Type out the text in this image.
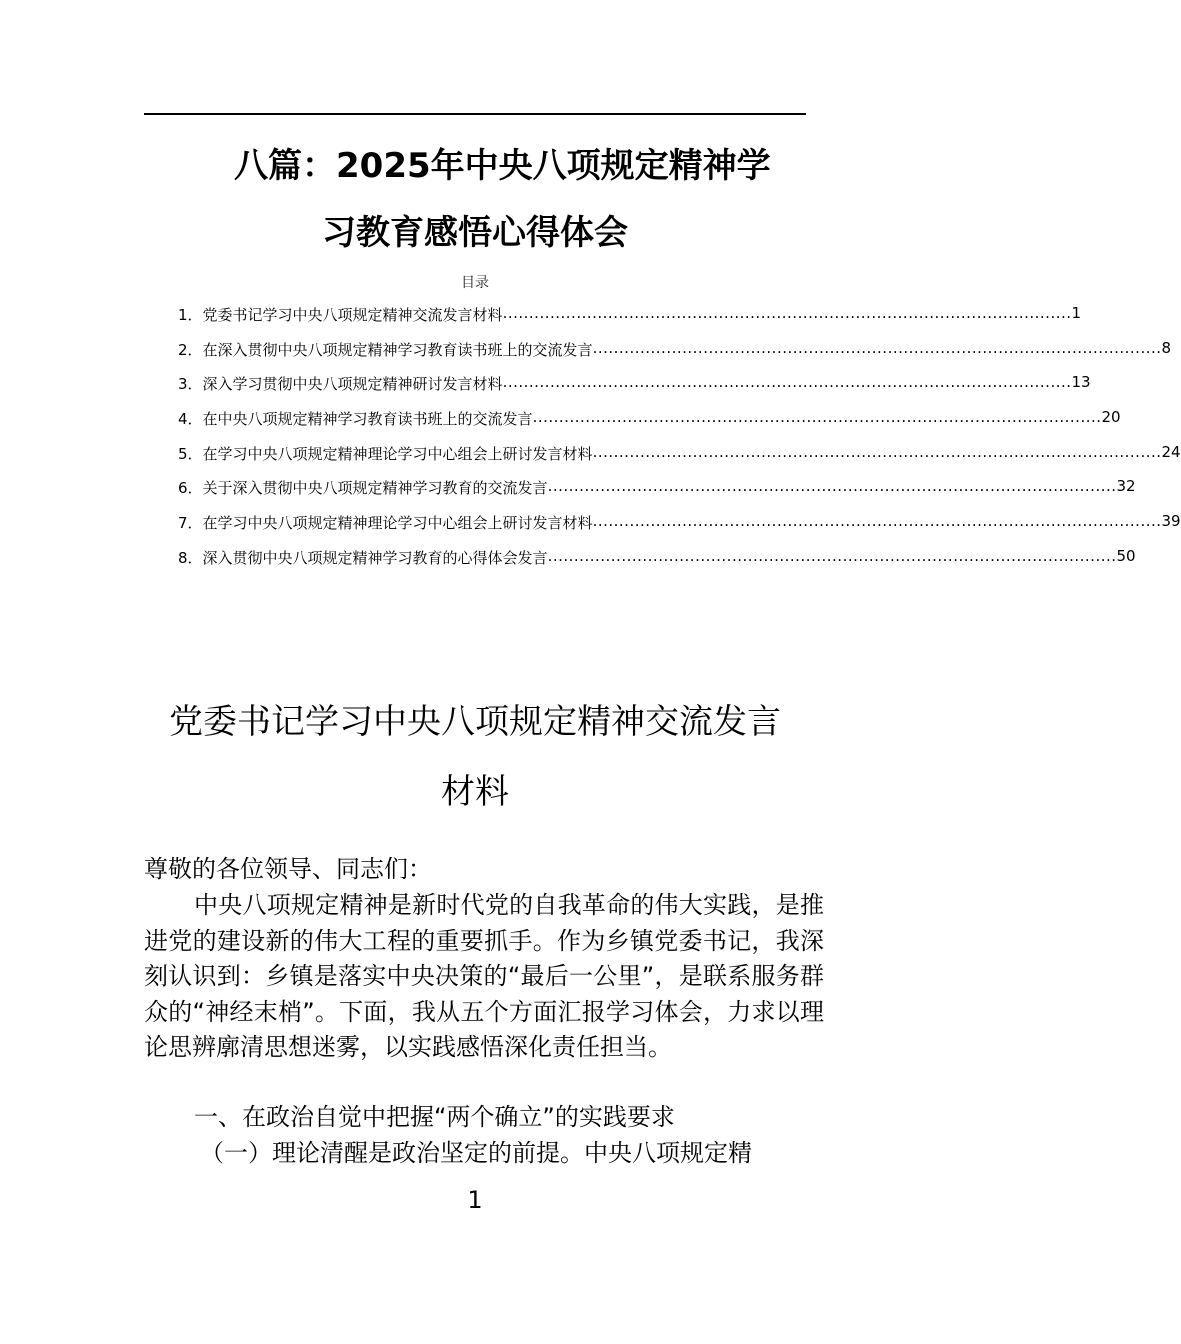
八篇：2025年中央八项规定精神学
习教育感悟心得体会
目录
1． 党委书记学习中央八项规定精神交流发言材料 ............................................................................................................ 1
2． 在深入贯彻中央八项规定精神学习教育读书班上的交流发言 ............................................................................................................ 8
3． 深入学习贯彻中央八项规定精神研讨发言材料 ............................................................................................................ 13
4． 在中央八项规定精神学习教育读书班上的交流发言 ............................................................................................................ 20
5． 在学习中央八项规定精神理论学习中心组会上研讨发言材料 ............................................................................................................ 24
6． 关于深入贯彻中央八项规定精神学习教育的交流发言 ............................................................................................................ 32
7． 在学习中央八项规定精神理论学习中心组会上研讨发言材料 ............................................................................................................ 39
8． 深入贯彻中央八项规定精神学习教育的心得体会发言 ............................................................................................................ 50
党委书记学习中央八项规定精神交流发言
材料
尊敬的各位领导、同志们：
中央八项规定精神是新时代党的自我革命的伟大实践，是推进党的建设新的伟大工程的重要抓手。作为乡镇党委书记，我深刻认识到：乡镇是落实中央决策的“最后一公里”，是联系服务群众的“神经末梢”。下面，我从五个方面汇报学习体会，力求以理论思辨廓清思想迷雾，以实践感悟深化责任担当。
一、在政治自觉中把握“两个确立”的实践要求
（一）理论清醒是政治坚定的前提。中央八项规定精
1
